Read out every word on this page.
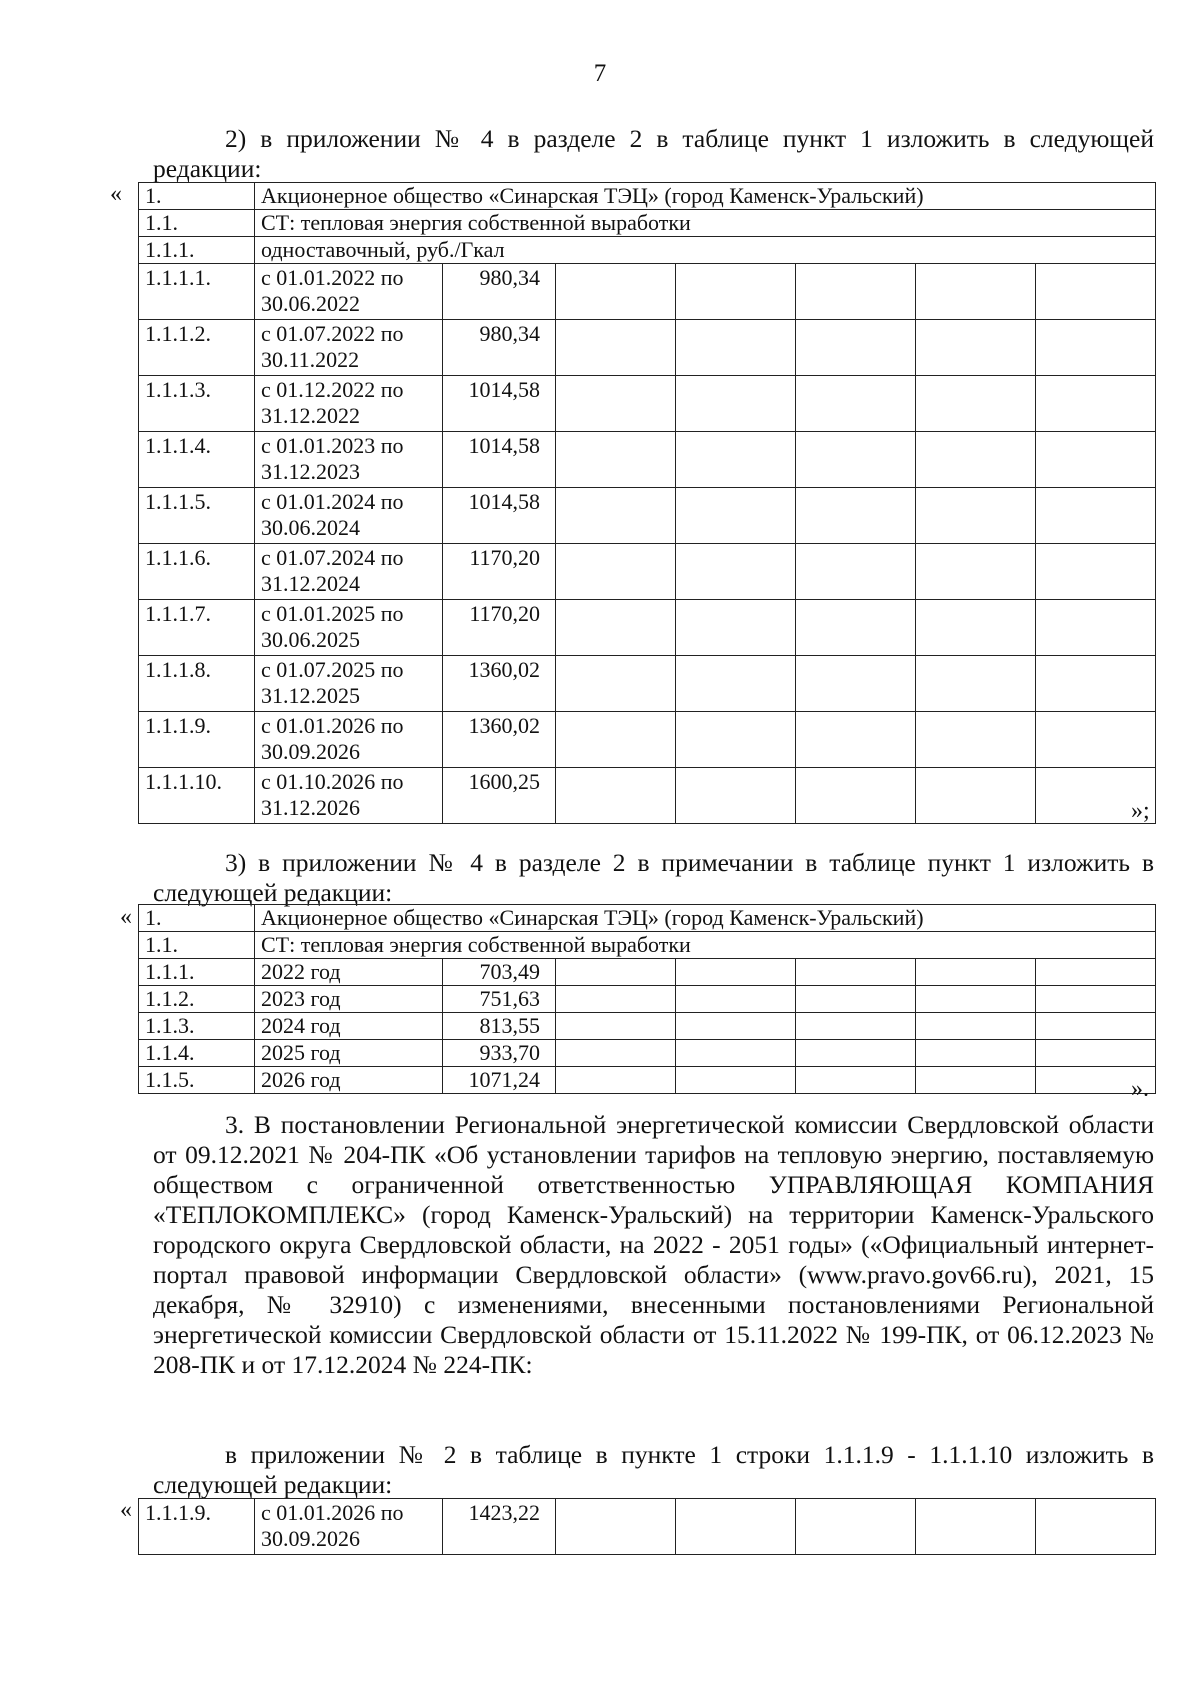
7

2) в приложении № 4 в разделе 2 в таблице пункт 1 изложить в следующей редакции:

« 1.	Акционерное общество «Синарская ТЭЦ» (город Каменск-Уральский)						
1.1.	СТ: тепловая энергия собственной выработки						
1.1.1.	одноставочный, руб./Гкал						
1.1.1.1.	с 01.01.2022 по 30.06.2022	980,34					
1.1.1.2.	с 01.07.2022 по 30.11.2022	980,34					
1.1.1.3.	с 01.12.2022 по 31.12.2022	1014,58					
1.1.1.4.	с 01.01.2023 по 31.12.2023	1014,58					
1.1.1.5.	с 01.01.2024 по 30.06.2024	1014,58					
1.1.1.6.	с 01.07.2024 по 31.12.2024	1170,20					
1.1.1.7.	с 01.01.2025 по 30.06.2025	1170,20					
1.1.1.8.	с 01.07.2025 по 31.12.2025	1360,02					
1.1.1.9.	с 01.01.2026 по 30.09.2026	1360,02					
1.1.1.10.	с 01.10.2026 по 31.12.2026	1600,25					
»;

3) в приложении № 4 в разделе 2 в примечании в таблице пункт 1 изложить в следующей редакции:

« 1.	Акционерное общество «Синарская ТЭЦ» (город Каменск-Уральский)						
1.1.	СТ: тепловая энергия собственной выработки						
1.1.1.	2022 год	703,49					
1.1.2.	2023 год	751,63					
1.1.3.	2024 год	813,55					
1.1.4.	2025 год	933,70					
1.1.5.	2026 год	1071,24						».

3. В постановлении Региональной энергетической комиссии Свердловской области от 09.12.2021 № 204-ПК «Об установлении тарифов на тепловую энергию, поставляемую обществом с ограниченной ответственностью УПРАВЛЯЮЩАЯ КОМПАНИЯ «ТЕПЛОКОМПЛЕКС» (город Каменск-Уральский) на территории Каменск-Уральского городского округа Свердловской области, на 2022 - 2051 годы» («Официальный интернет-портал правовой информации Свердловской области» (www.pravo.gov66.ru), 2021, 15 декабря, № 32910) с изменениями, внесенными постановлениями Региональной энергетической комиссии Свердловской области от 15.11.2022 № 199-ПК, от 06.12.2023 № 208-ПК и от 17.12.2024 № 224-ПК:

в приложении № 2 в таблице в пункте 1 строки 1.1.1.9 - 1.1.1.10 изложить в следующей редакции:

« 1.1.1.9.	с 01.01.2026 по 30.09.2026	1423,22					
